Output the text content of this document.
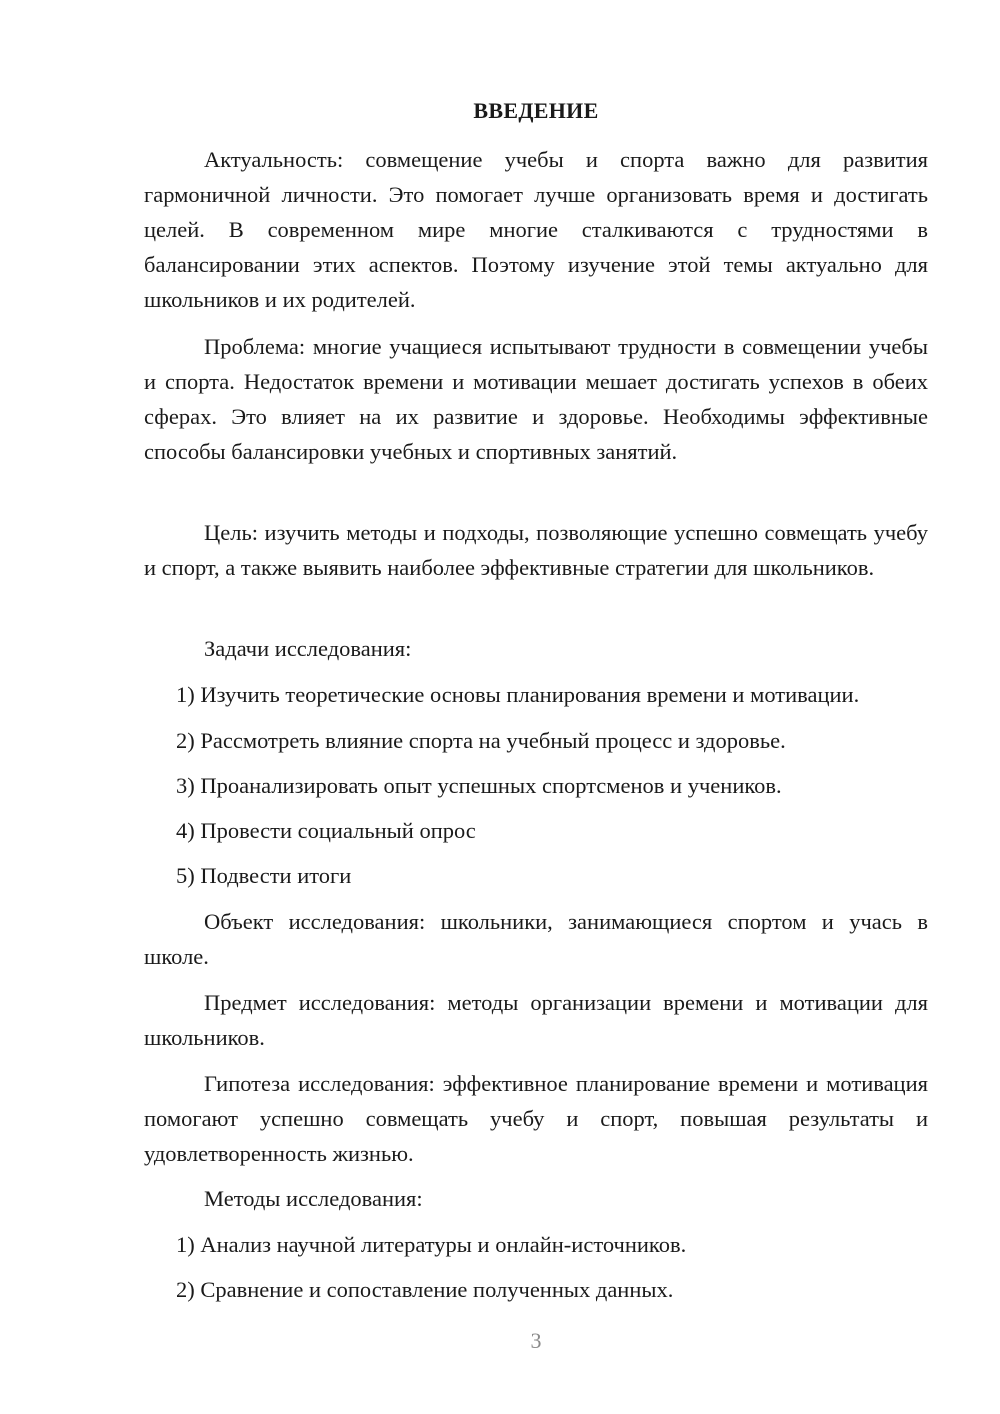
ВВЕДЕНИЕ

Актуальность: совмещение учебы и спорта важно для развития гармоничной личности. Это помогает лучше организовать время и достигать целей. В современном мире многие сталкиваются с трудностями в балансировании этих аспектов. Поэтому изучение этой темы актуально для школьников и их родителей.

Проблема: многие учащиеся испытывают трудности в совмещении учебы и спорта. Недостаток времени и мотивации мешает достигать успехов в обеих сферах. Это влияет на их развитие и здоровье. Необходимы эффективные способы балансировки учебных и спортивных занятий.

Цель: изучить методы и подходы, позволяющие успешно совмещать учебу и спорт, а также выявить наиболее эффективные стратегии для школьников.

Задачи исследования:

1) Изучить теоретические основы планирования времени и мотивации.

2) Рассмотреть влияние спорта на учебный процесс и здоровье.

3) Проанализировать опыт успешных спортсменов и учеников.

4) Провести социальный опрос

5) Подвести итоги

Объект исследования: школьники, занимающиеся спортом и учась в школе.

Предмет исследования: методы организации времени и мотивации для школьников.

Гипотеза исследования: эффективное планирование времени и мотивация помогают успешно совмещать учебу и спорт, повышая результаты и удовлетворенность жизнью.

Методы исследования:

1) Анализ научной литературы и онлайн-источников.

2) Сравнение и сопоставление полученных данных.

3
